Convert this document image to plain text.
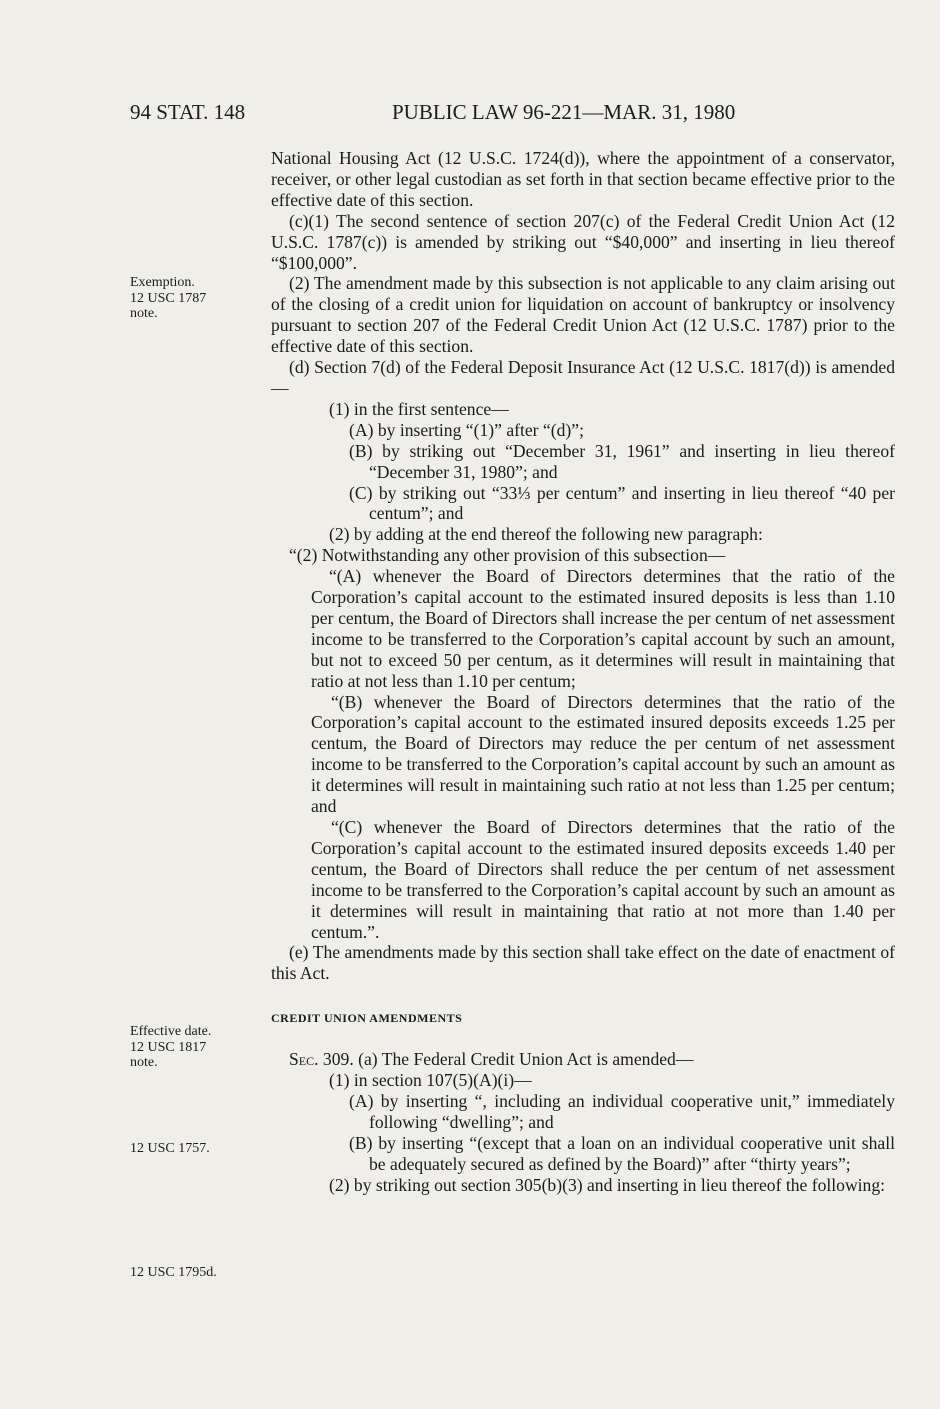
94 STAT. 148	PUBLIC LAW 96-221—MAR. 31, 1980
Exemption.
12 USC 1787
note.
Effective date.
12 USC 1817
note.
12 USC 1757.
12 USC 1795d.

National Housing Act (12 U.S.C. 1724(d)), where the appointment of a conservator, receiver, or other legal custodian as set forth in that section became effective prior to the effective date of this section.

(c)(1) The second sentence of section 207(c) of the Federal Credit Union Act (12 U.S.C. 1787(c)) is amended by striking out “$40,000” and inserting in lieu thereof “$100,000”.

(2) The amendment made by this subsection is not applicable to any claim arising out of the closing of a credit union for liquidation on account of bankruptcy or insolvency pursuant to section 207 of the Federal Credit Union Act (12 U.S.C. 1787) prior to the effective date of this section.

(d) Section 7(d) of the Federal Deposit Insurance Act (12 U.S.C. 1817(d)) is amended—

(1) in the first sentence—

(A) by inserting “(1)” after “(d)”;

(B) by striking out “December 31, 1961” and inserting in lieu thereof “December 31, 1980”; and

(C) by striking out “33⅓ per centum” and inserting in lieu thereof “40 per centum”; and

(2) by adding at the end thereof the following new paragraph:

“(2) Notwithstanding any other provision of this subsection—

“(A) whenever the Board of Directors determines that the ratio of the Corporation’s capital account to the estimated insured deposits is less than 1.10 per centum, the Board of Directors shall increase the per centum of net assessment income to be transferred to the Corporation’s capital account by such an amount, but not to exceed 50 per centum, as it determines will result in maintaining that ratio at not less than 1.10 per centum;

“(B) whenever the Board of Directors determines that the ratio of the Corporation’s capital account to the estimated insured deposits exceeds 1.25 per centum, the Board of Directors may reduce the per centum of net assessment income to be transferred to the Corporation’s capital account by such an amount as it determines will result in maintaining such ratio at not less than 1.25 per centum; and

“(C) whenever the Board of Directors determines that the ratio of the Corporation’s capital account to the estimated insured deposits exceeds 1.40 per centum, the Board of Directors shall reduce the per centum of net assessment income to be transferred to the Corporation’s capital account by such an amount as it determines will result in maintaining that ratio at not more than 1.40 per centum.”.

(e) The amendments made by this section shall take effect on the date of enactment of this Act.

CREDIT UNION AMENDMENTS

Sec. 309. (a) The Federal Credit Union Act is amended—

(1) in section 107(5)(A)(i)—

(A) by inserting “, including an individual cooperative unit,” immediately following “dwelling”; and

(B) by inserting “(except that a loan on an individual cooperative unit shall be adequately secured as defined by the Board)” after “thirty years”;

(2) by striking out section 305(b)(3) and inserting in lieu thereof the following:
